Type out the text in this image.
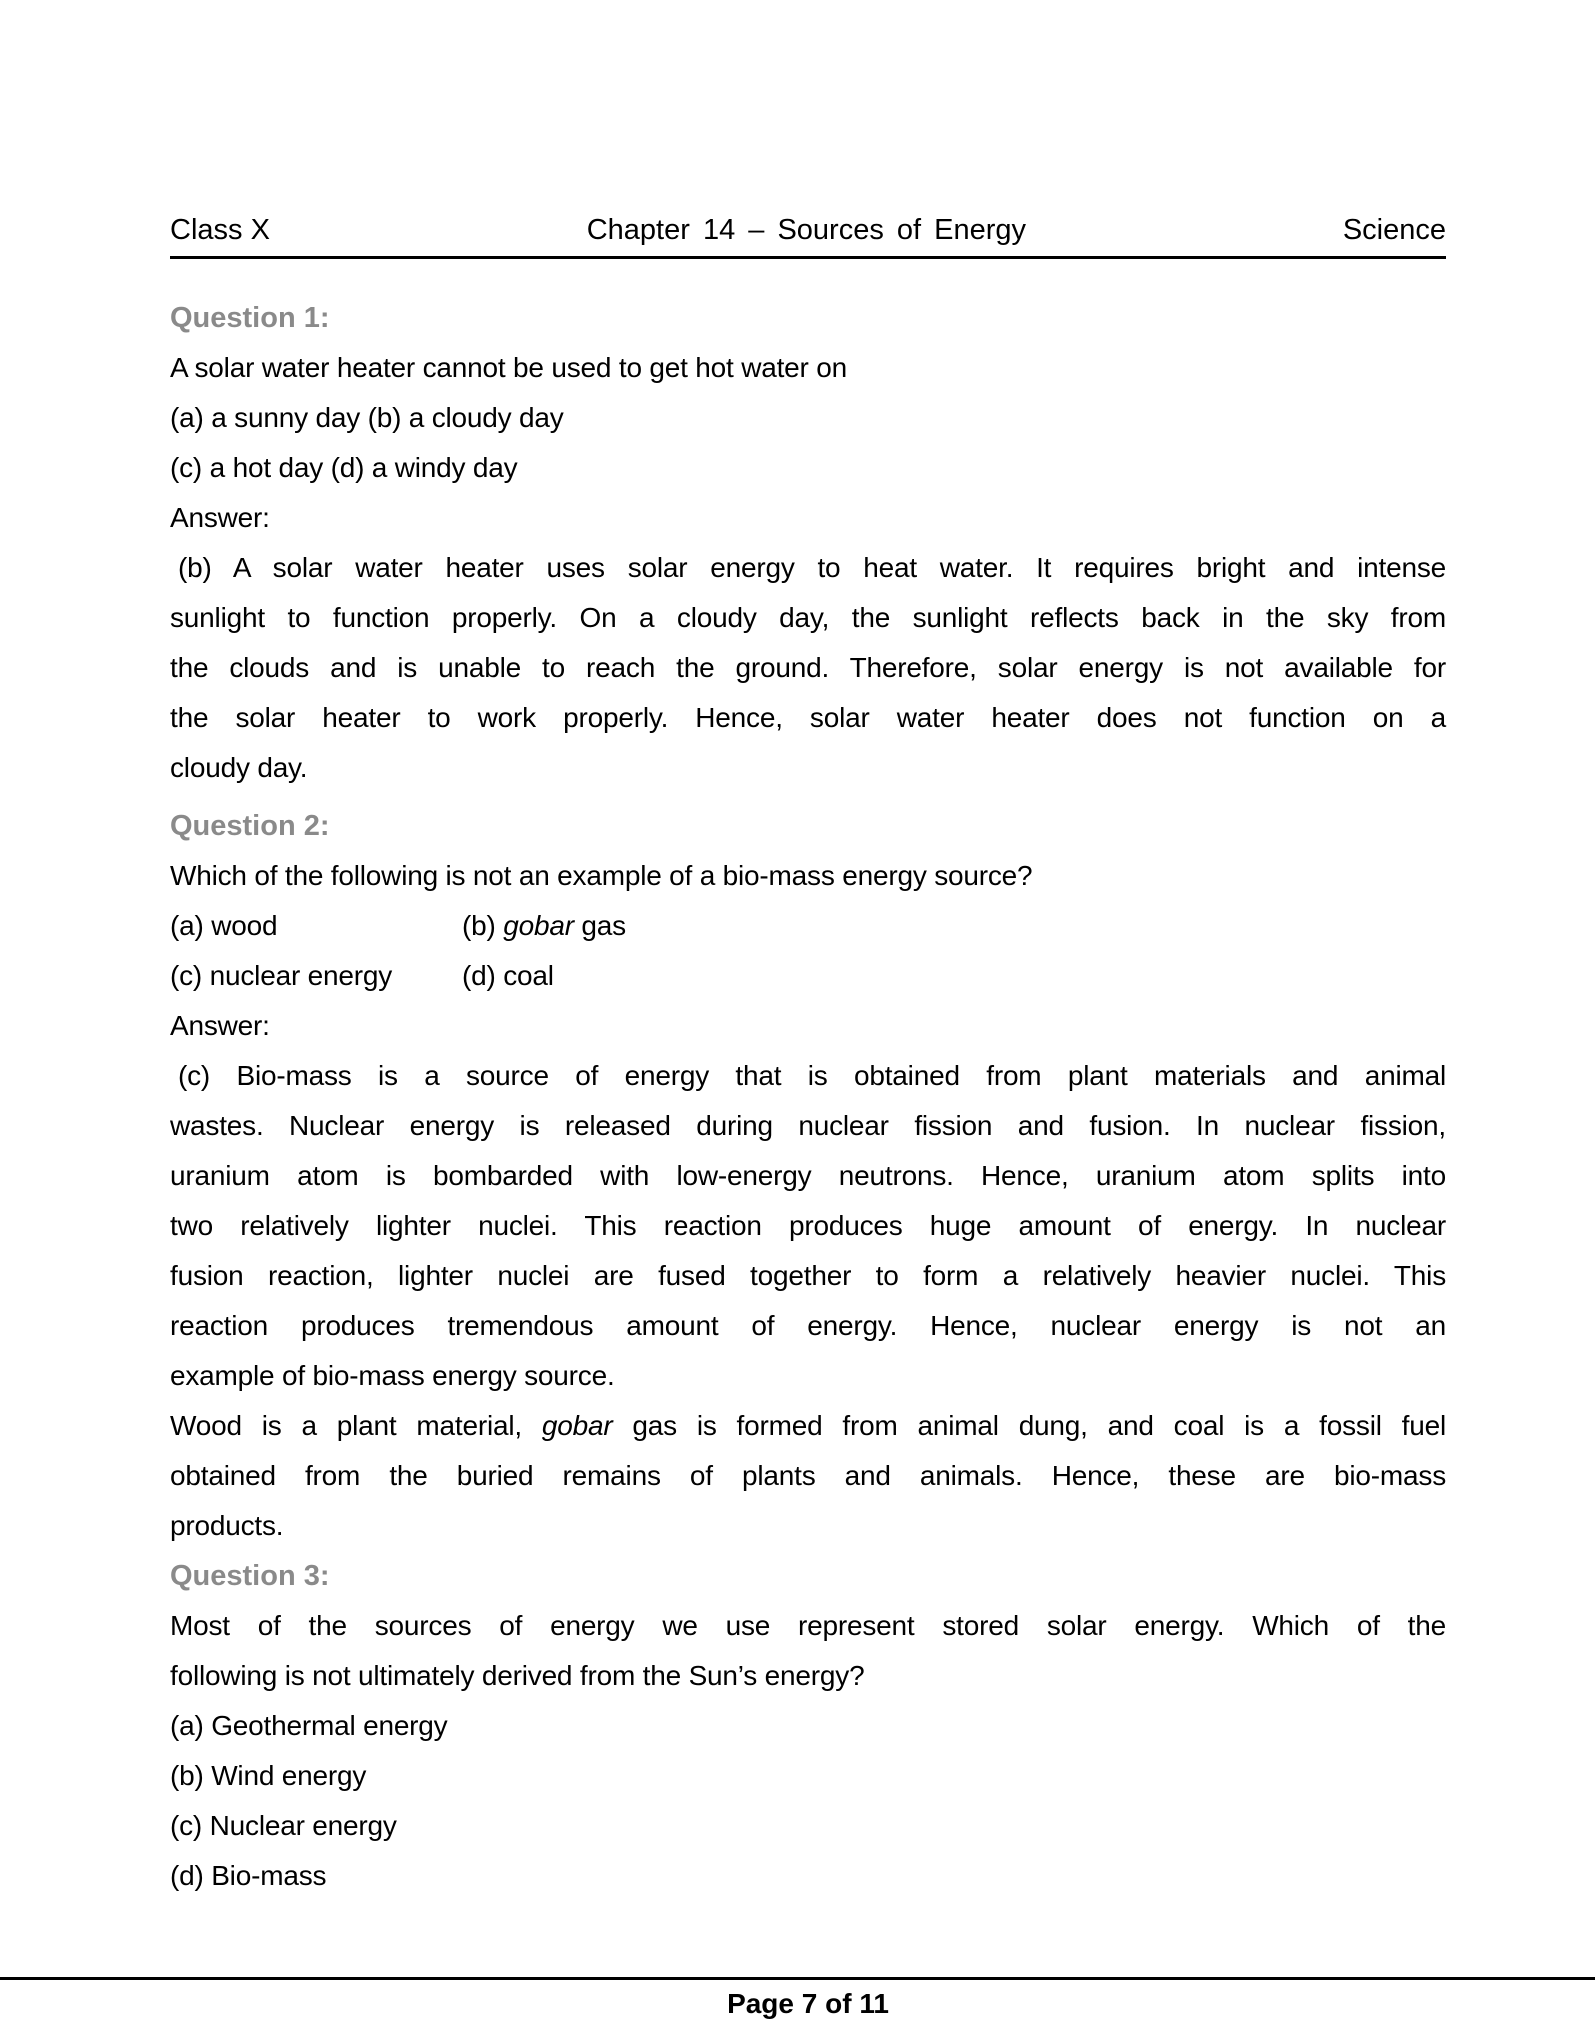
Class X	Chapter 14 – Sources of Energy	Science
Question 1:

A solar water heater cannot be used to get hot water on

(a) a sunny day (b) a cloudy day

(c) a hot day (d) a windy day

Answer:

(b) A solar water heater uses solar energy to heat water. It requires bright and intense

sunlight to function properly. On a cloudy day, the sunlight reflects back in the sky from

the clouds and is unable to reach the ground. Therefore, solar energy is not available for

the solar heater to work properly. Hence, solar water heater does not function on a

cloudy day.

Question 2:

Which of the following is not an example of a bio-mass energy source?

(a) wood	(b) gobar gas

(c) nuclear energy (d) coal

Answer:

(c) Bio-mass is a source of energy that is obtained from plant materials and animal

wastes. Nuclear energy is released during nuclear fission and fusion. In nuclear fission,

uranium atom is bombarded with low-energy neutrons. Hence, uranium atom splits into

two relatively lighter nuclei. This reaction produces huge amount of energy. In nuclear

fusion reaction, lighter nuclei are fused together to form a relatively heavier nuclei. This

reaction produces tremendous amount of energy. Hence, nuclear energy is not an

example of bio-mass energy source.

Wood is a plant material, gobar gas is formed from animal dung, and coal is a fossil fuel

obtained from the buried remains of plants and animals. Hence, these are bio-mass

products.

Question 3:

Most of the sources of energy we use represent stored solar energy. Which of the

following is not ultimately derived from the Sun’s energy?

(a) Geothermal energy

(b) Wind energy

(c) Nuclear energy

(d) Bio-mass

Page 7 of 11
